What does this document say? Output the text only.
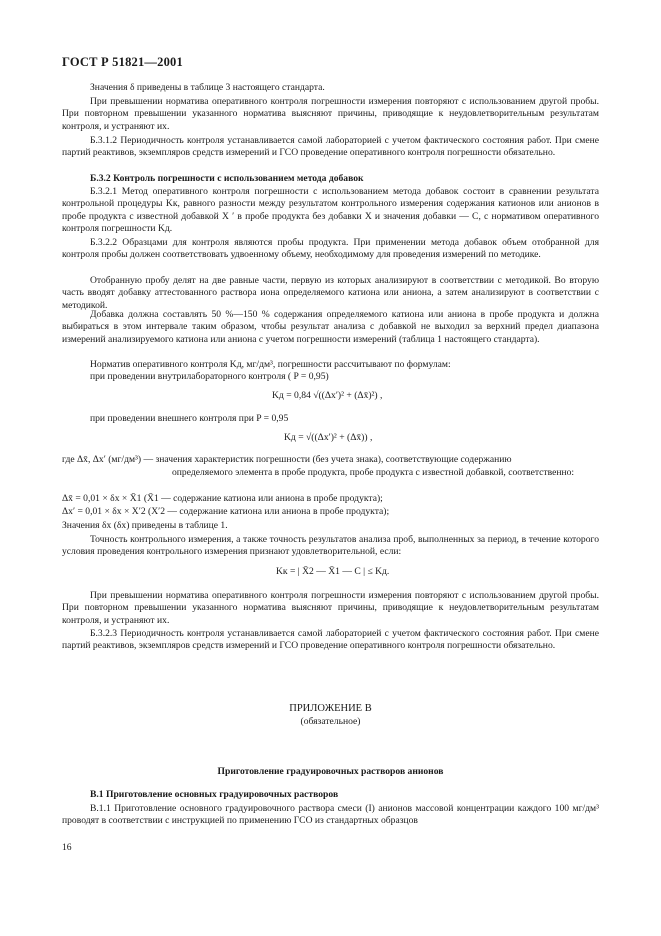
ГОСТ Р 51821—2001
Значения δ приведены в таблице 3 настоящего стандарта.
При превышении норматива оперативного контроля погрешности измерения повторяют с использованием другой пробы. При повторном превышении указанного норматива выясняют причины, приводящие к неудовлетворительным результатам контроля, и устраняют их.
Б.3.1.2 Периодичность контроля устанавливается самой лабораторией с учетом фактического состояния работ. При смене партий реактивов, экземпляров средств измерений и ГСО проведение оперативного контроля погрешности обязательно.
Б.3.2 Контроль погрешности с использованием метода добавок
Б.3.2.1 Метод оперативного контроля погрешности с использованием метода добавок состоит в сравнении результата контрольной процедуры Kк, равного разности между результатом контрольного измерения содержания катионов или анионов в пробе продукта с известной добавкой X ′ в пробе продукта без добавки X и значения добавки — C, с нормативом оперативного контроля погрешности Kд.
Б.3.2.2 Образцами для контроля являются пробы продукта. При применении метода добавок объем отобранной для контроля пробы должен соответствовать удвоенному объему, необходимому для проведения измерений по методике.
Отобранную пробу делят на две равные части, первую из которых анализируют в соответствии с методикой. Во вторую часть вводят добавку аттестованного раствора иона определяемого катиона или аниона, а затем анализируют в соответствии с методикой.
Добавка должна составлять 50 %—150 % содержания определяемого катиона или аниона в пробе продукта и должна выбираться в этом интервале таким образом, чтобы результат анализа с добавкой не выходил за верхний предел диапазона измерений анализируемого катиона или аниона с учетом погрешности измерений (таблица 1 настоящего стандарта).
Норматив оперативного контроля Kд, мг/дм³, погрешности рассчитывают по формулам:
при проведении внутрилабораторного контроля ( P = 0,95)
Kд = 0,84 √((Δx′)² + (Δx̄)²) ,
при проведении внешнего контроля при P = 0,95
Kд = √((Δx′)² + (Δx̄)) ,
где Δx̄, Δx′ (мг/дм³) — значения характеристик погрешности (без учета знака), соответствующие содержанию
определяемого элемента в пробе продукта, пробе продукта с известной добавкой, соответственно:
Δx̄ = 0,01 × δx × X̄1 (X̄1 — содержание катиона или аниона в пробе продукта);
Δx′ = 0,01 × δx × X′2 (X′2 — содержание катиона или аниона в пробе продукта);
Значения δx (δx) приведены в таблице 1.
Точность контрольного измерения, а также точность результатов анализа проб, выполненных за период, в течение которого условия проведения контрольного измерения признают удовлетворительной, если:
Kк = | X̄2 — X̄1 — C | ≤ Kд.
При превышении норматива оперативного контроля погрешности измерения повторяют с использованием другой пробы. При повторном превышении указанного норматива выясняют причины, приводящие к неудовлетворительным результатам контроля, и устраняют их.
Б.3.2.3 Периодичность контроля устанавливается самой лабораторией с учетом фактического состояния работ. При смене партий реактивов, экземпляров средств измерений и ГСО проведение оперативного контроля погрешности обязательно.
ПРИЛОЖЕНИЕ В
(обязательное)
Приготовление градуировочных растворов анионов
В.1 Приготовление основных градуировочных растворов
В.1.1 Приготовление основного градуировочного раствора смеси (I) анионов массовой концентрации каждого 100 мг/дм³ проводят в соответствии с инструкцией по применению ГСО из стандартных образцов
16
